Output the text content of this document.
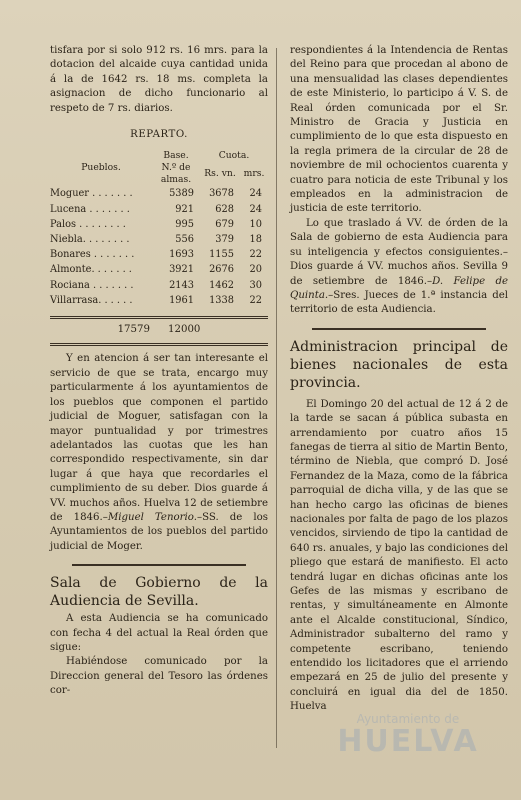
tisfara por si solo 912 rs. 16 mrs. para la dotacion del alcaide cuya cantidad unida á la de 1642 rs. 18 ms. completa la asignacion de dicho funcionario al respeto de 7 rs. diarios.

REPARTO.

Pueblos.	Base.	Cuota.	
	N.º de almas.	Rs. vn.	mrs.
Moguer . . . . . . .	5389	3678	24
Lucena . . . . . . .	921	628	24
Palos . . . . . . . .	995	679	10
Niebla. . . . . . . .	556	379	18
Bonares . . . . . . .	1693	1155	22
Almonte. . . . . . .	3921	2676	20
Rociana . . . . . . .	2143	1462	30
Villarrasa. . . . . .	1961	1338	22
17579 12000

Y en atencion á ser tan interesante el servicio de que se trata, encargo muy particularmente á los ayuntamientos de los pueblos que componen el partido judicial de Moguer, satisfagan con la mayor puntualidad y por trimestres adelantados las cuotas que les han correspondido respectivamente, sin dar lugar á que haya que recordarles el cumplimiento de su deber. Dios guarde á VV. muchos años. Huelva 12 de setiembre de 1846.–Miguel Tenorio.–SS. de los Ayuntamientos de los pueblos del partido judicial de Moger.

Sala de Gobierno de la Audiencia de Sevilla.

A esta Audiencia se ha comunicado con fecha 4 del actual la Real órden que sigue:

Habiéndose comunicado por la Direccion general del Tesoro las órdenes cor-

respondientes á la Intendencia de Rentas del Reino para que procedan al abono de una mensualidad las clases dependientes de este Ministerio, lo participo á V. S. de Real órden comunicada por el Sr. Ministro de Gracia y Justicia en cumplimiento de lo que esta dispuesto en la regla primera de la circular de 28 de noviembre de mil ochocientos cuarenta y cuatro para noticia de este Tribunal y los empleados en la administracion de justicia de este territorio.

Lo que traslado á VV. de órden de la Sala de gobierno de esta Audiencia para su inteligencia y efectos consiguientes.–Dios guarde á VV. muchos años. Sevilla 9 de setiembre de 1846.–D. Felipe de Quinta.–Sres. Jueces de 1.ª instancia del territorio de esta Audiencia.

Administracion principal de bienes nacionales de esta provincia.

El Domingo 20 del actual de 12 á 2 de la tarde se sacan á pública subasta en arrendamiento por cuatro años 15 fanegas de tierra al sitio de Martin Bento, término de Niebla, que compró D. José Fernandez de la Maza, como de la fábrica parroquial de dicha villa, y de las que se han hecho cargo las oficinas de bienes nacionales por falta de pago de los plazos vencidos, sirviendo de tipo la cantidad de 640 rs. anuales, y bajo las condiciones del pliego que estará de manifiesto. El acto tendrá lugar en dichas oficinas ante los Gefes de las mismas y escribano de rentas, y simultáneamente en Almonte ante el Alcalde constitucional, Síndico, Administrador subalterno del ramo y competente escribano, teniendo entendido los licitadores que el arriendo empezará en 25 de julio del presente y concluirá en igual dia del de 1850. Huelva

Ayuntamiento de
HUELVA
